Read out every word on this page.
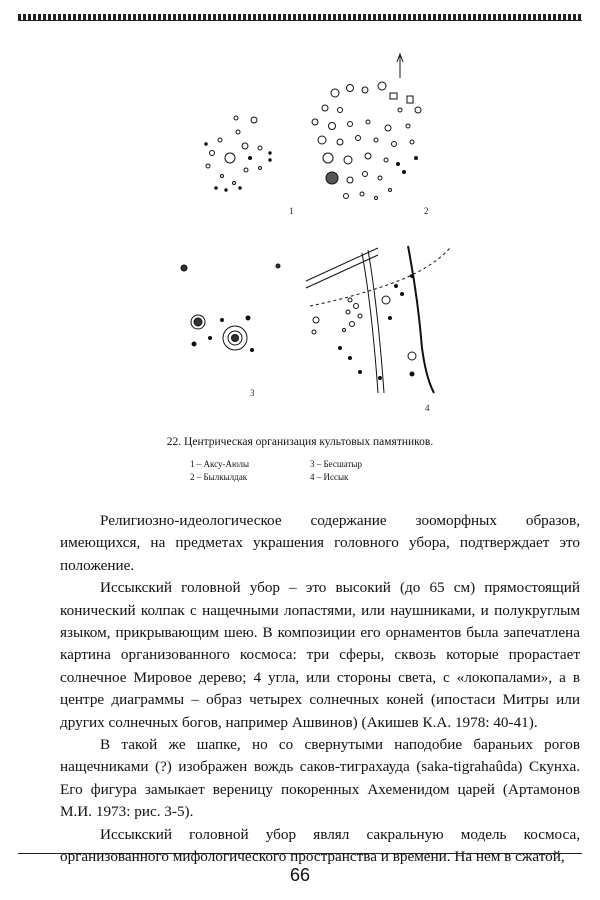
1	2
3
4
22. Центрическая организация культовых памятников.
1 – Аксу-Аюлы	3 – Бесшатыр
2 – Былкылдак	4 – Иссык

Религиозно-идеологическое содержание зооморфных образов, имеющихся, на предметах украшения головного убора, подтверждает это положение.

Иссыкский головной убор – это высокий (до 65 см) прямостоящий конический колпак с нащечными лопастями, или наушниками, и полукруглым языком, прикрывающим шею. В композиции его орнаментов была запечатлена картина организованного космоса: три сферы, сквозь которые прорастает солнечное Мировое дерево; 4 угла, или стороны света, с «локопалами», а в центре диаграммы – образ четырех солнечных коней (ипостаси Митры или других солнечных богов, например Ашвинов) (Акишев К.А. 1978: 40-41).

В такой же шапке, но со свернутыми наподобие бараньих рогов нащечниками (?) изображен вождь саков-тиграхауда (saka-tigrahaûda) Скунха. Его фигура замыкает вереницу покоренных Ахеменидом царей (Артамонов М.И. 1973: рис. 3-5).

Иссыкский головной убор являл сакральную модель космоса, организованного мифологического пространства и времени. На нем в сжатой,

66
